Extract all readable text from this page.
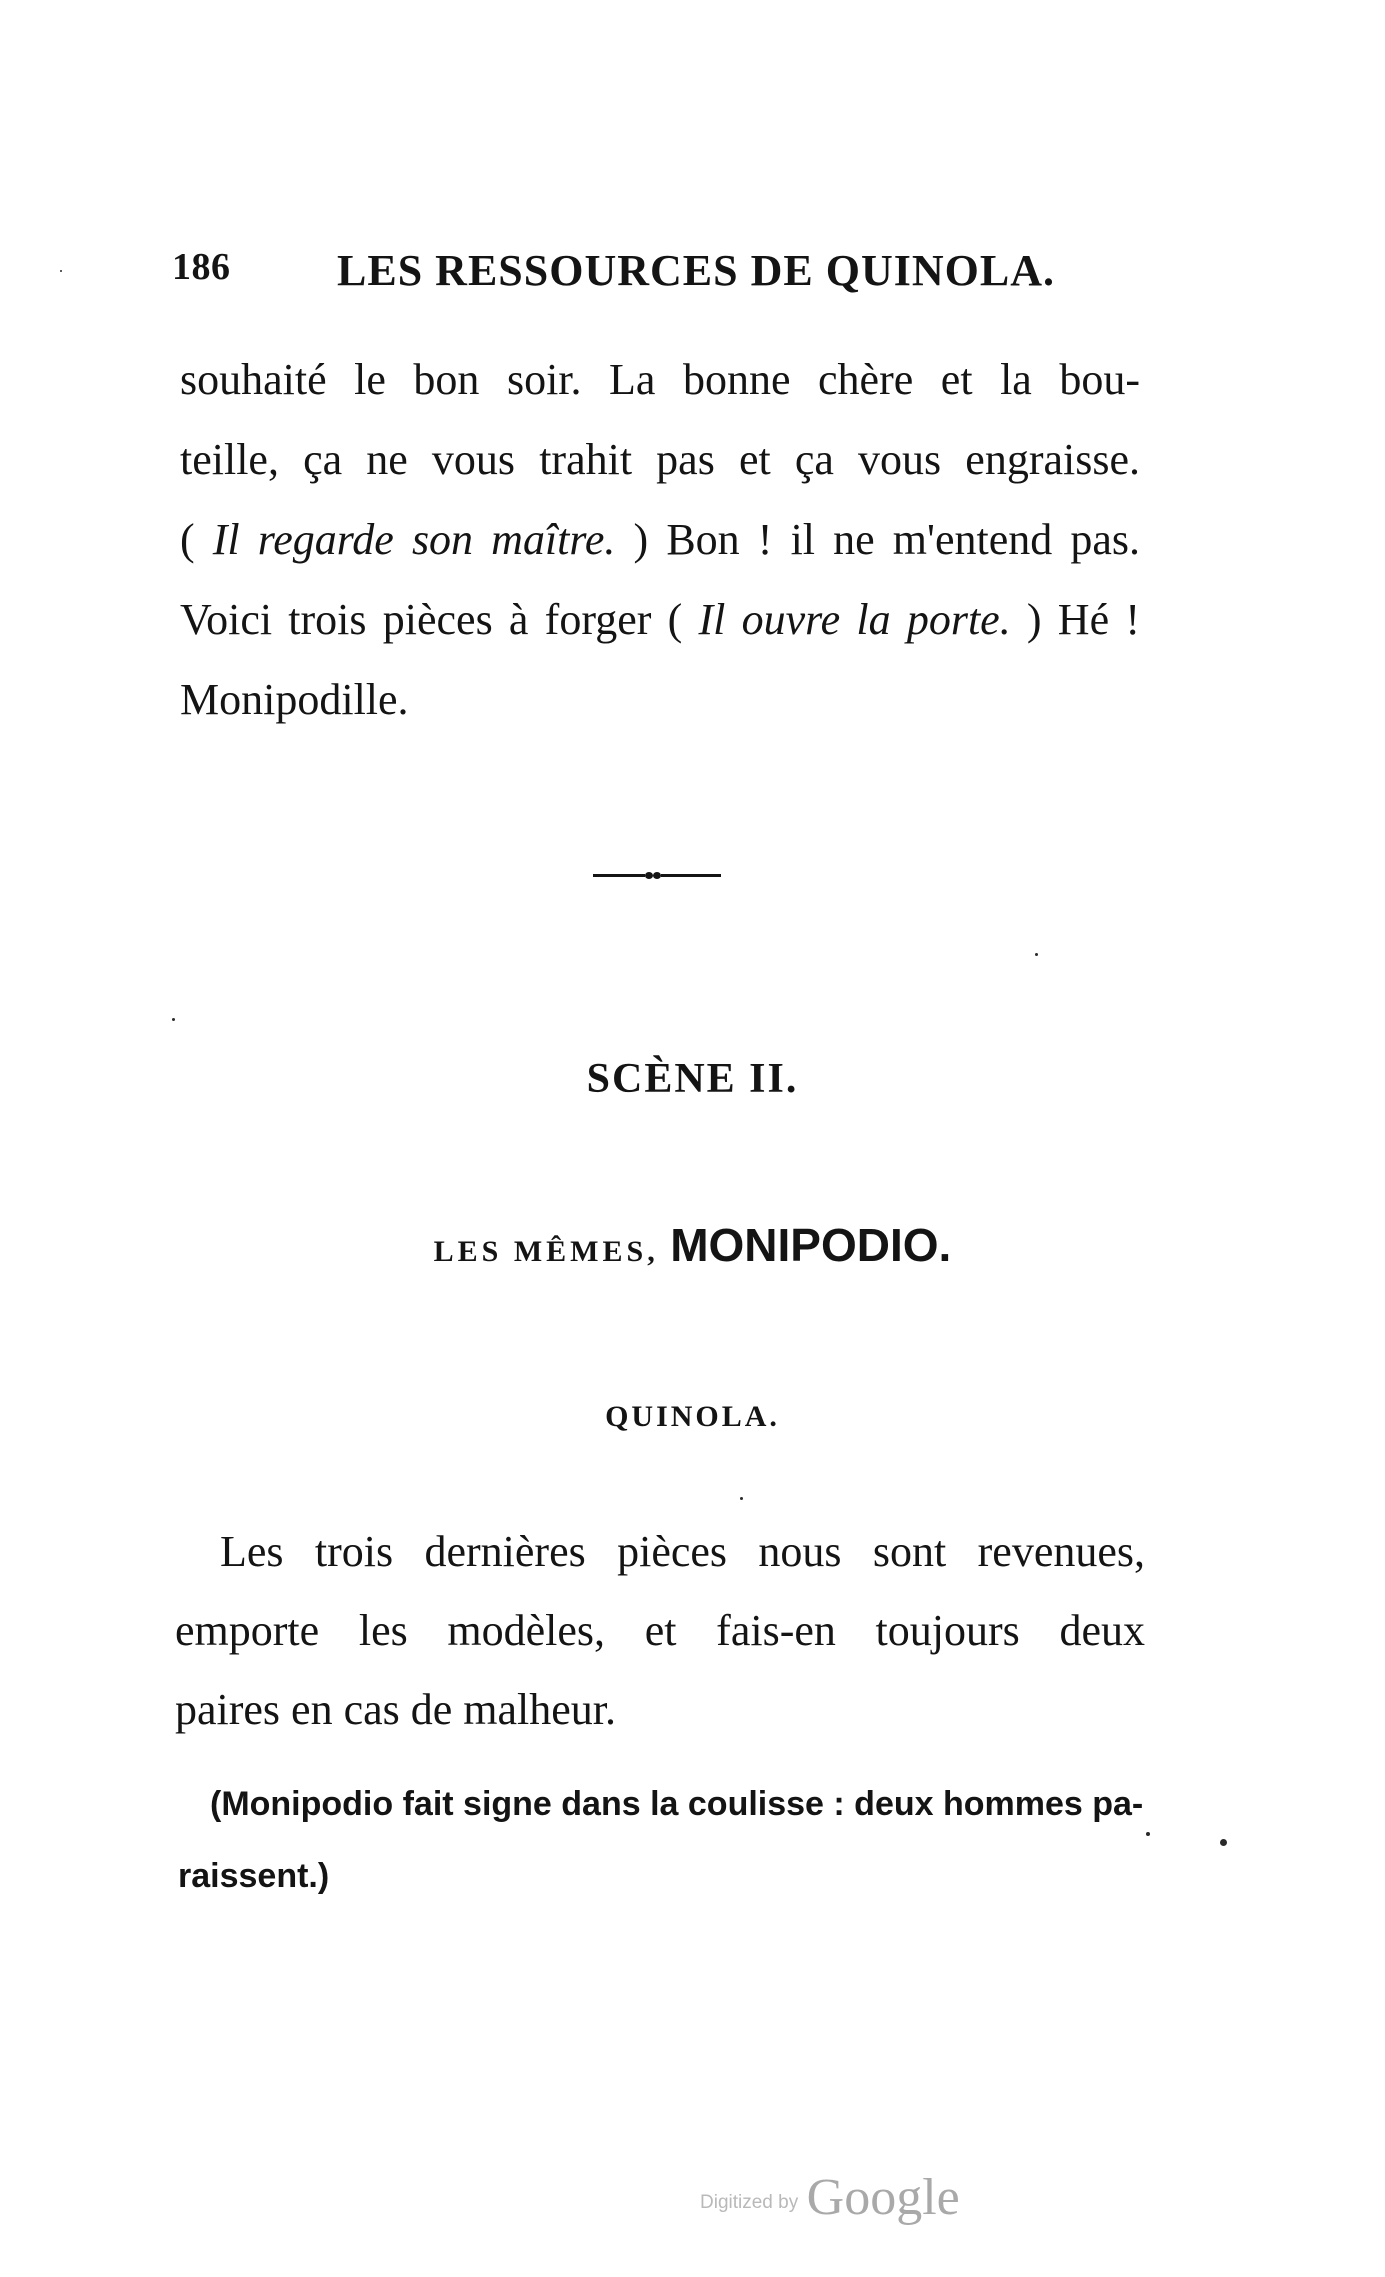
186 LES RESSOURCES DE QUINOLA.
souhaité le bon soir. La bonne chère et la bou-
teille, ça ne vous trahit pas et ça vous engraisse.
( Il regarde son maître. ) Bon ! il ne m'entend pas.
Voici trois pièces à forger ( Il ouvre la porte. ) Hé !
Monipodille.
SCÈNE II.
LES MÊMES, MONIPODIO.
QUINOLA.
Les trois dernières pièces nous sont revenues,
emporte les modèles, et fais-en toujours deux
paires en cas de malheur.
(Monipodio fait signe dans la coulisse : deux hommes pa-
raissent.)
Digitized by Google
